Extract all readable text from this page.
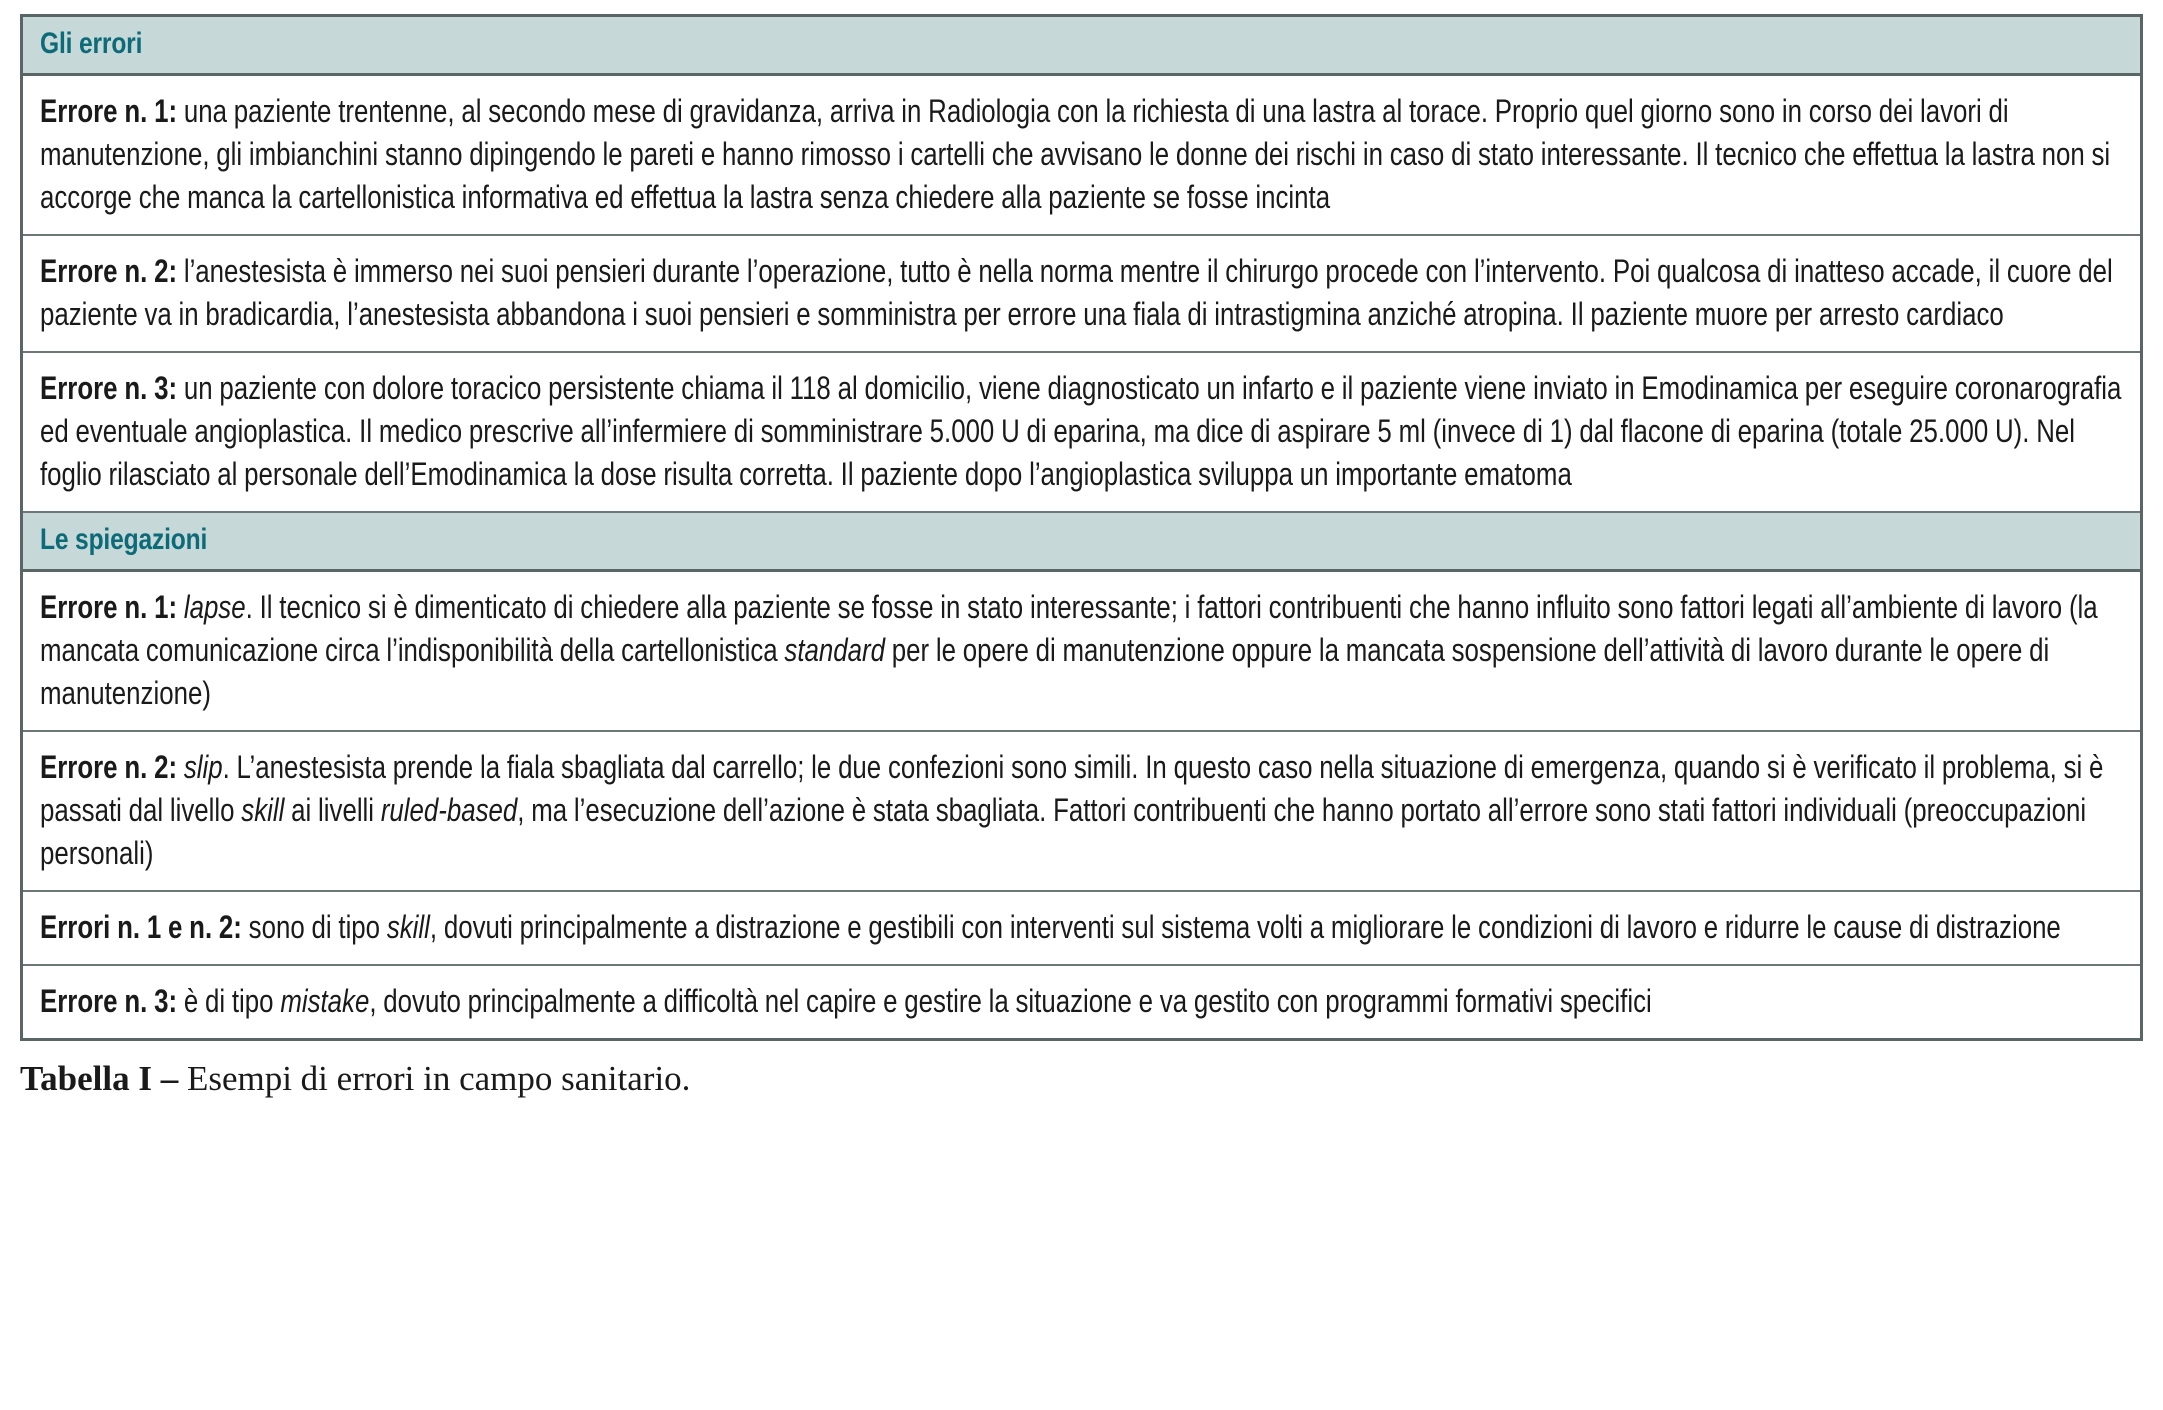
Gli errori

Errore n. 1: una paziente trentenne, al secondo mese di gravidanza, arriva in Radiologia con la richiesta di una lastra al torace. Proprio quel giorno sono in corso dei lavori di manutenzione, gli imbianchini stanno dipingendo le pareti e hanno rimosso i cartelli che avvisano le donne dei rischi in caso di stato interessante. Il tecnico che effettua la lastra non si accorge che manca la cartellonistica informativa ed effettua la lastra senza chiedere alla paziente se fosse incinta

Errore n. 2: l’anestesista è immerso nei suoi pensieri durante l’operazione, tutto è nella norma mentre il chirurgo procede con l’intervento. Poi qualcosa di inatteso accade, il cuore del paziente va in bradicardia, l’anestesista abbandona i suoi pensieri e somministra per errore una fiala di intrastigmina anziché atropina. Il paziente muore per arresto cardiaco

Errore n. 3: un paziente con dolore toracico persistente chiama il 118 al domicilio, viene diagnosticato un infarto e il paziente viene inviato in Emodinamica per eseguire coronarografia ed eventuale angioplastica. Il medico prescrive all’infermiere di somministrare 5.000 U di eparina, ma dice di aspirare 5 ml (invece di 1) dal flacone di eparina (totale 25.000 U). Nel foglio rilasciato al personale dell’Emodinamica la dose risulta corretta. Il paziente dopo l’angioplastica sviluppa un importante ematoma

Le spiegazioni

Errore n. 1: lapse. Il tecnico si è dimenticato di chiedere alla paziente se fosse in stato interessante; i fattori contribuenti che hanno influito sono fattori legati all’ambiente di lavoro (la mancata comunicazione circa l’indisponibilità della cartellonistica standard per le opere di manutenzione oppure la mancata sospensione dell’attività di lavoro durante le opere di manutenzione)

Errore n. 2: slip. L’anestesista prende la fiala sbagliata dal carrello; le due confezioni sono simili. In questo caso nella situazione di emergenza, quando si è verificato il problema, si è passati dal livello skill ai livelli ruled-based, ma l’esecuzione dell’azione è stata sbagliata. Fattori contribuenti che hanno portato all’errore sono stati fattori individuali (preoccupazioni personali)

Errori n. 1 e n. 2: sono di tipo skill, dovuti principalmente a distrazione e gestibili con interventi sul sistema volti a migliorare le condizioni di lavoro e ridurre le cause di distrazione

Errore n. 3: è di tipo mistake, dovuto principalmente a difficoltà nel capire e gestire la situazione e va gestito con programmi formativi specifici
Tabella I – Esempi di errori in campo sanitario.
